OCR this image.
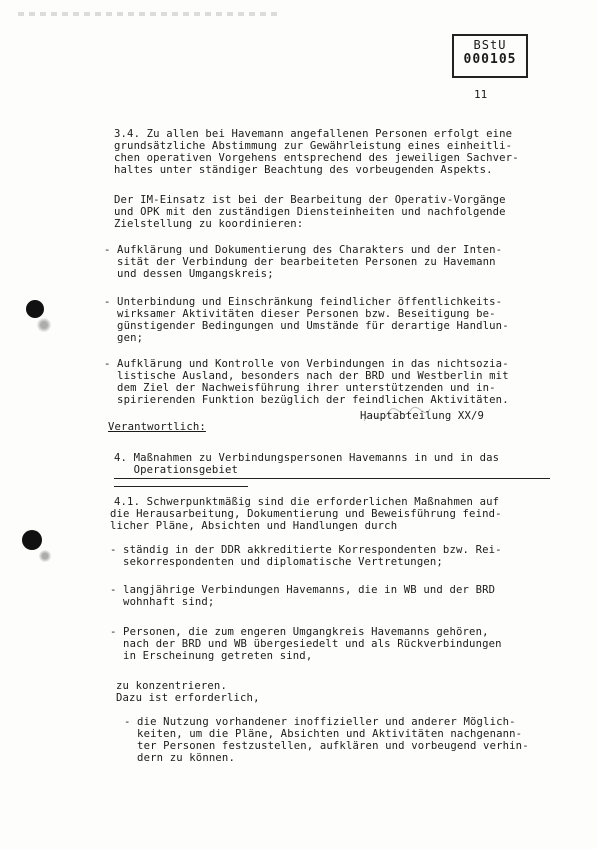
BStU
000105
11
3.4. Zu allen bei Havemann angefallenen Personen erfolgt eine
grundsätzliche Abstimmung zur Gewährleistung eines einheitli-
chen operativen Vorgehens entsprechend des jeweiligen Sachver-
haltes unter ständiger Beachtung des vorbeugenden Aspekts.
Der IM-Einsatz ist bei der Bearbeitung der Operativ-Vorgänge
und OPK mit den zuständigen Diensteinheiten und nachfolgende
Zielstellung zu koordinieren:
- Aufklärung und Dokumentierung des Charakters und der Inten-
sität der Verbindung der bearbeiteten Personen zu Havemann
und dessen Umgangskreis;
- Unterbindung und Einschränkung feindlicher öffentlichkeits-
wirksamer Aktivitäten dieser Personen bzw. Beseitigung be-
günstigender Bedingungen und Umstände für derartige Handlun-
gen;
- Aufklärung und Kontrolle von Verbindungen in das nichtsozia-
listische Ausland, besonders nach der BRD und Westberlin mit
dem Ziel der Nachweisführung ihrer unterstützenden und in-
spirierenden Funktion bezüglich der feindlichen Aktivitäten.
Hauptabteilung XX/9
Verantwortlich:
4. Maßnahmen zu Verbindungspersonen Havemanns in und in das
Operationsgebiet
4.1. Schwerpunktmäßig sind die erforderlichen Maßnahmen auf
die Herausarbeitung, Dokumentierung und Beweisführung feind-
licher Pläne, Absichten und Handlungen durch
- ständig in der DDR akkreditierte Korrespondenten bzw. Rei-
sekorrespondenten und diplomatische Vertretungen;
- langjährige Verbindungen Havemanns, die in WB und der BRD
wohnhaft sind;
- Personen, die zum engeren Umgangkreis Havemanns gehören,
nach der BRD und WB übergesiedelt und als Rückverbindungen
in Erscheinung getreten sind,
zu konzentrieren.
Dazu ist erforderlich,
- die Nutzung vorhandener inoffizieller und anderer Möglich-
keiten, um die Pläne, Absichten und Aktivitäten nachgenann-
ter Personen festzustellen, aufklären und vorbeugend verhin-
dern zu können.
